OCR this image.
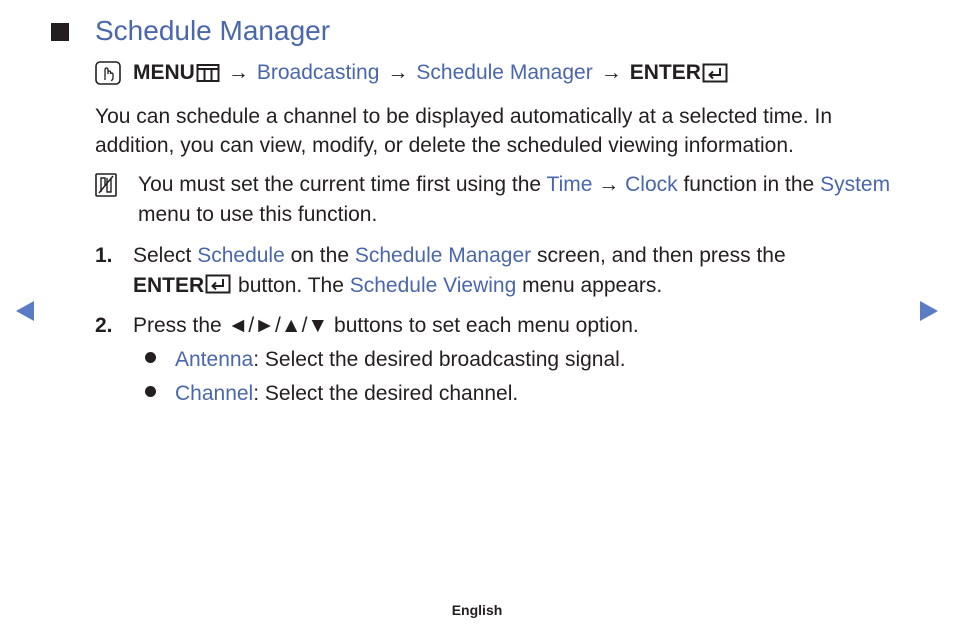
Schedule Manager
MENU → Broadcasting → Schedule Manager → ENTER
You can schedule a channel to be displayed automatically at a selected time. In addition, you can view, modify, or delete the scheduled viewing information.
You must set the current time first using the Time → Clock function in the System menu to use this function.
1. Select Schedule on the Schedule Manager screen, and then press the
ENTER button. The Schedule Viewing menu appears.
2. Press the ◄/►/▲/▼ buttons to set each menu option.
Antenna: Select the desired broadcasting signal.
Channel: Select the desired channel.
English
